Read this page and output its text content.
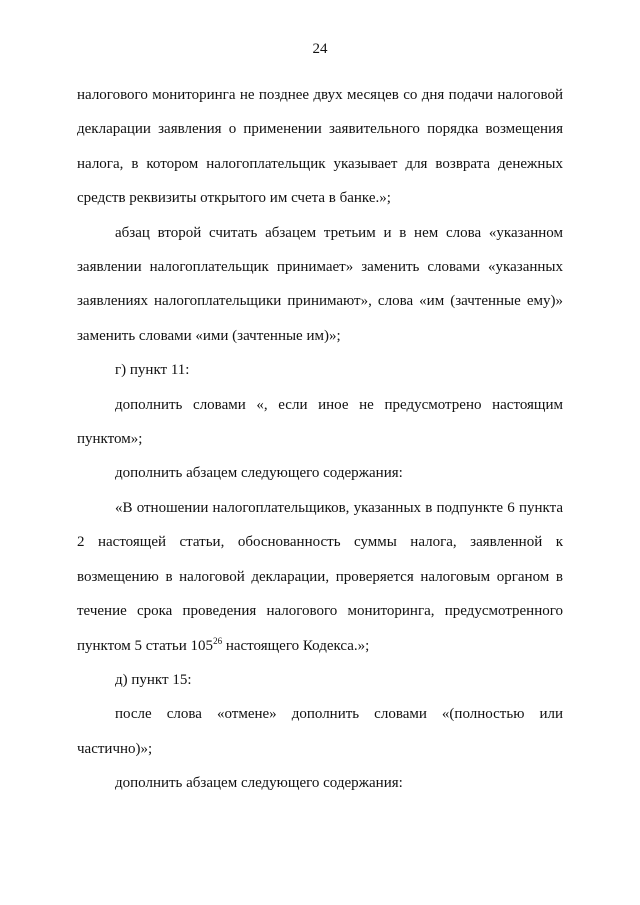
24

налогового мониторинга не позднее двух месяцев со дня подачи налоговой декларации заявления о применении заявительного порядка возмещения налога, в котором налогоплательщик указывает для возврата денежных средств реквизиты открытого им счета в банке.»;

абзац второй считать абзацем третьим и в нем слова «указанном заявлении налогоплательщик принимает» заменить словами «указанных заявлениях налогоплательщики принимают», слова «им (зачтенные ему)» заменить словами «ими (зачтенные им)»;

г) пункт 11:

дополнить словами «, если иное не предусмотрено настоящим пунктом»;

дополнить абзацем следующего содержания:

«В отношении налогоплательщиков, указанных в подпункте 6 пункта 2 настоящей статьи, обоснованность суммы налога, заявленной к возмещению в налоговой декларации, проверяется налоговым органом в течение срока проведения налогового мониторинга, предусмотренного пунктом 5 статьи $105^{26}$ настоящего Кодекса.»;

д) пункт 15:

после слова «отмене» дополнить словами «(полностью или частично)»;

дополнить абзацем следующего содержания:
